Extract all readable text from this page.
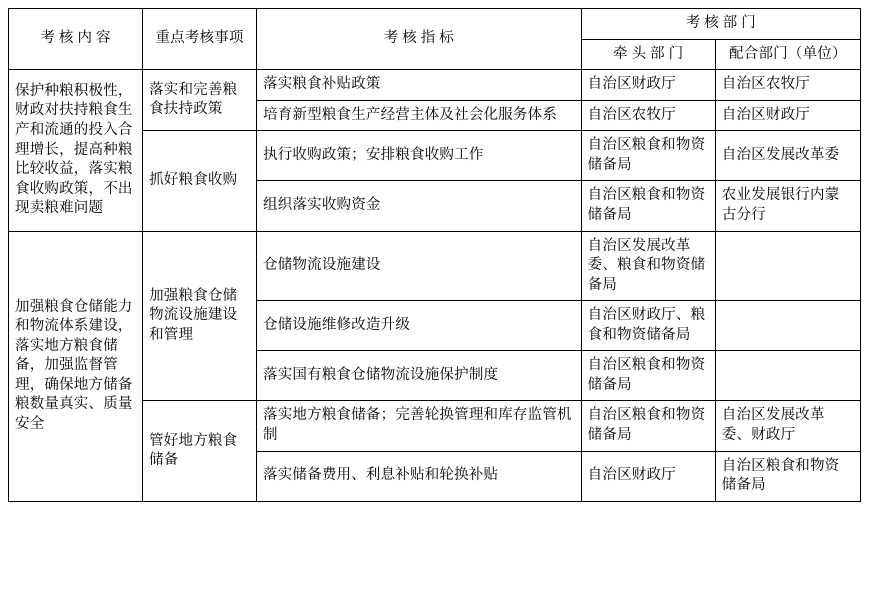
考 核 内 容	重点考核事项	考 核 指 标	考 核 部 门	
			牵 头 部 门	配合部门（单位）
保护种粮积极性，财政对扶持粮食生产和流通的投入合理增长，提高种粮比较收益，落实粮食收购政策，不出现卖粮难问题	落实和完善粮食扶持政策	落实粮食补贴政策	自治区财政厅	自治区农牧厅
		培育新型粮食生产经营主体及社会化服务体系	自治区农牧厅	自治区财政厅
	抓好粮食收购	执行收购政策；安排粮食收购工作	自治区粮食和物资储备局	自治区发展改革委
		组织落实收购资金	自治区粮食和物资储备局	农业发展银行内蒙古分行
加强粮食仓储能力和物流体系建设，落实地方粮食储备，加强监督管理，确保地方储备粮数量真实、质量安全	加强粮食仓储物流设施建设和管理	仓储物流设施建设	自治区发展改革委、粮食和物资储备局	
		仓储设施维修改造升级	自治区财政厅、粮食和物资储备局	
		落实国有粮食仓储物流设施保护制度	自治区粮食和物资储备局	
	管好地方粮食储备	落实地方粮食储备；完善轮换管理和库存监管机制	自治区粮食和物资储备局	自治区发展改革委、财政厅
		落实储备费用、利息补贴和轮换补贴	自治区财政厅	自治区粮食和物资储备局
